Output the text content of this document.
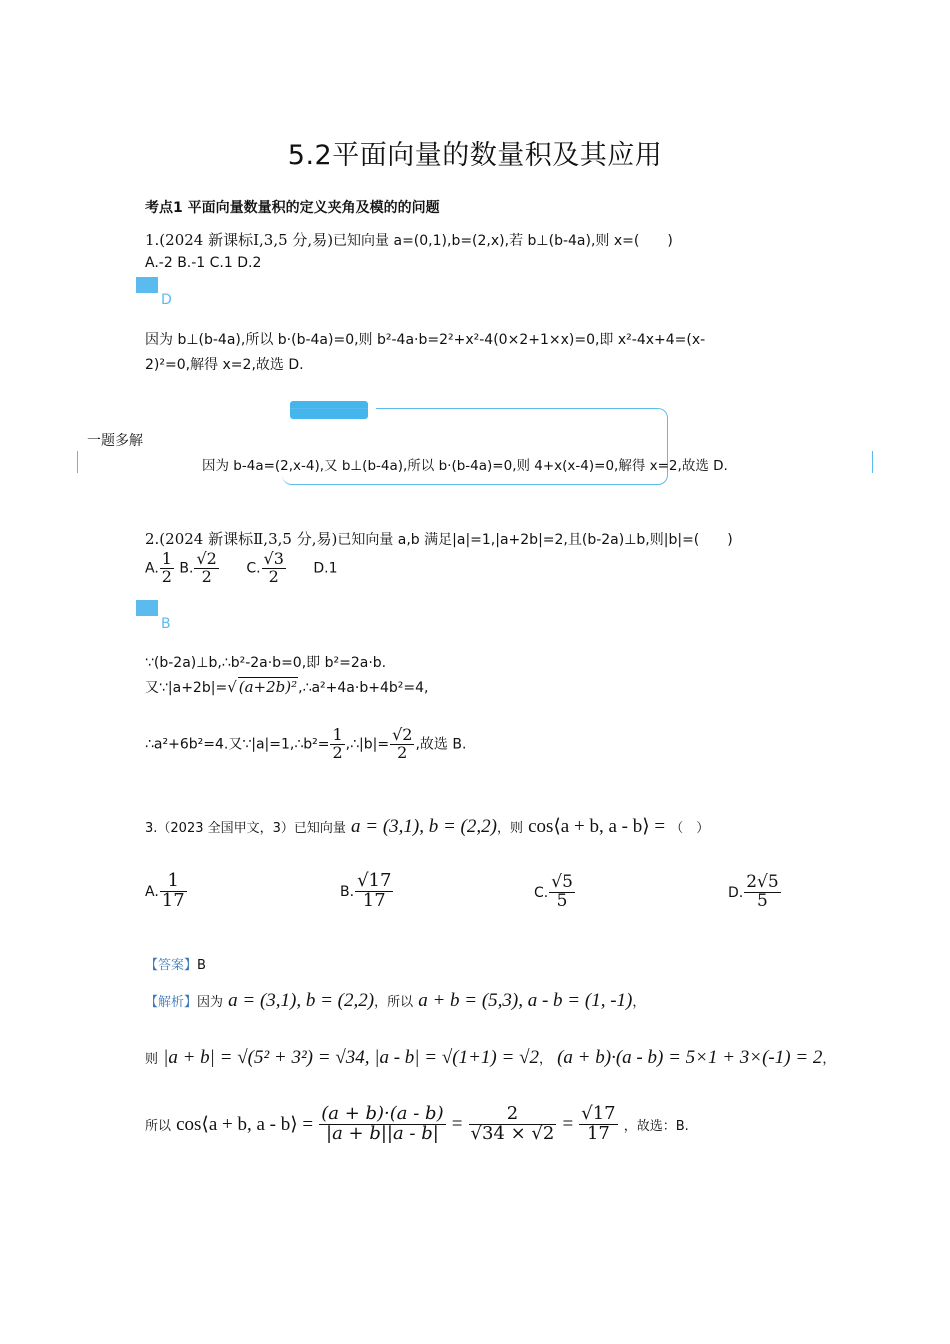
5.2平面向量的数量积及其应用
考点1 平面向量数量积的定义夹角及模的的问题
1.(2024 新课标Ⅰ,3,5 分,易)已知向量 a=(0,1),b=(2,x),若 b⊥(b-4a),则 x=(　　)
A.-2 B.-1 C.1 D.2
D
因为 b⊥(b-4a),所以 b·(b-4a)=0,则 b²-4a·b=2²+x²-4(0×2+1×x)=0,即 x²-4x+4=(x-
2)²=0,解得 x=2,故选 D.
一题多解
因为 b-4a=(2,x-4),又 b⊥(b-4a),所以 b·(b-4a)=0,则 4+x(x-4)=0,解得 x=2,故选 D.
2.(2024 新课标Ⅱ,3,5 分,易)已知向量 a,b 满足|a|=1,|a+2b|=2,且(b-2a)⊥b,则|b|=(　　)
A. $\frac{1}{2} B$. $\frac{√2}{2} C$. $\frac{√3}{2} D.1$
B
∵(b-2a)⊥b,∴b²-2a·b=0,即 b²=2a·b.
又∵|a+2b|=√ (a+2b)²,∴a²+4a·b+4b²=4,
∴a²+6b²=4.又∵|a|=1,∴b²= $\frac{1}{2}$ ,∴|b|= $\frac{√2}{2}$ ,故选 B.
3.（2023 全国甲文，3）已知向量 a = (3,1), b = (2,2)，则 cos⟨a + b, a - b⟩ = （　）
A. $\frac{1}{17}$	B. $\frac{√17}{17}$	C. $\frac{√5}{5}$	D. $\frac{2√5}{5}$
【答案】B
【解析】因为 a = (3,1), b = (2,2)，所以 a + b = (5,3), a - b = (1, -1)，
则 |a + b| = √(5² + 3²) = √34, |a - b| = √(1+1) = √2， (a + b)·(a - b) = 5×1 + 3×(-1) = 2，
所以 cos⟨a + b, a - b⟩ = $\frac{(a + b)\cdot(a - b)}{|a + b||a - b|} = \frac{2}{√34 \times √2} = \frac{√17}{17}$ ，故选：B.
